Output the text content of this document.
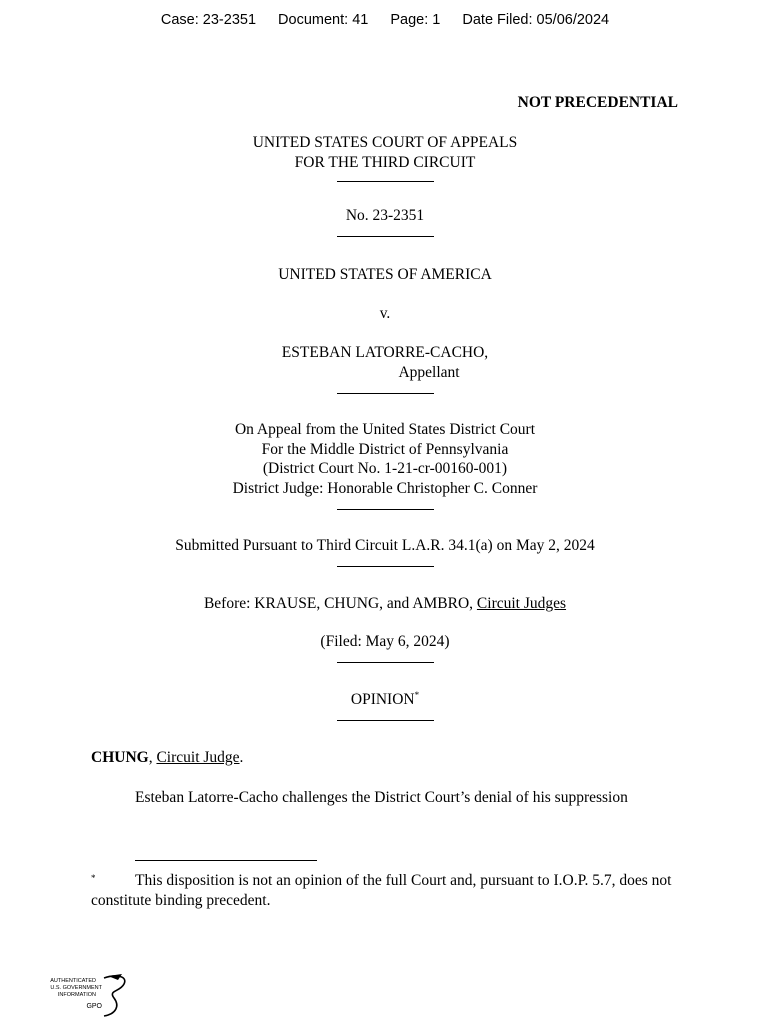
Case: 23-2351 Document: 41 Page: 1 Date Filed: 05/06/2024
NOT PRECEDENTIAL
UNITED STATES COURT OF APPEALS
FOR THE THIRD CIRCUIT
No. 23-2351
UNITED STATES OF AMERICA
v.
ESTEBAN LATORRE-CACHO,
Appellant
On Appeal from the United States District Court
For the Middle District of Pennsylvania
(District Court No. 1-21-cr-00160-001)
District Judge: Honorable Christopher C. Conner
Submitted Pursuant to Third Circuit L.A.R. 34.1(a) on May 2, 2024
Before: KRAUSE, CHUNG, and AMBRO, Circuit Judges
(Filed: May 6, 2024)
OPINION*
CHUNG, Circuit Judge.
Esteban Latorre-Cacho challenges the District Court’s denial of his suppression
*	This disposition is not an opinion of the full Court and, pursuant to I.O.P. 5.7, does not constitute binding precedent.

AUTHENTICATED
U.S. GOVERNMENT
INFORMATION
GPO
